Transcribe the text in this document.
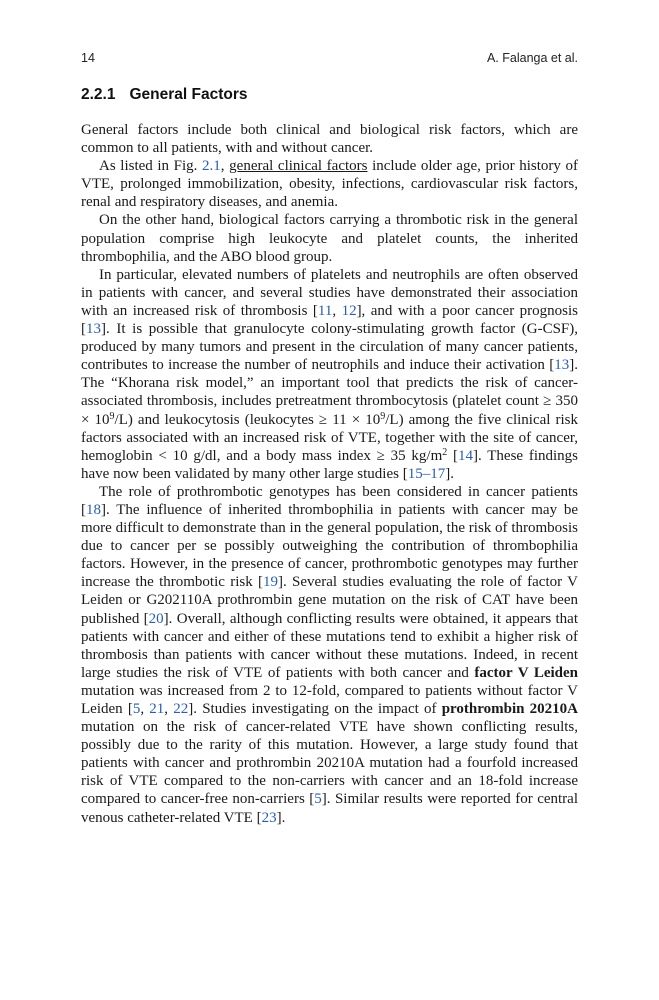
14	A. Falanga et al.
2.2.1 General Factors

General factors include both clinical and biological risk factors, which are common to all patients, with and without cancer.

As listed in Fig. 2.1, general clinical factors include older age, prior history of VTE, prolonged immobilization, obesity, infections, cardiovascular risk factors, renal and respiratory diseases, and anemia.

On the other hand, biological factors carrying a thrombotic risk in the general population comprise high leukocyte and platelet counts, the inherited thrombophilia, and the ABO blood group.

In particular, elevated numbers of platelets and neutrophils are often observed in patients with cancer, and several studies have demonstrated their association with an increased risk of thrombosis [11, 12], and with a poor cancer prognosis [13]. It is possible that granulocyte colony-stimulating growth factor (G-CSF), produced by many tumors and present in the circulation of many cancer patients, contributes to increase the number of neutrophils and induce their activation [13]. The “Khorana risk model,” an important tool that predicts the risk of cancer-associated thrombosis, includes pretreatment thrombocytosis (platelet count ≥ $350 \times 10^9/L$) and leukocytosis (leukocytes ≥ $11 \times 10^9/L$) among the five clinical risk factors associated with an increased risk of VTE, together with the site of cancer, hemoglobin < 10 g/dl, and a body mass index ≥ 35 $kg/m^2$ [14]. These findings have now been validated by many other large studies [15–17].

The role of prothrombotic genotypes has been considered in cancer patients [18]. The influence of inherited thrombophilia in patients with cancer may be more difficult to demonstrate than in the general population, the risk of thrombosis due to cancer per se possibly outweighing the contribution of thrombophilia factors. However, in the presence of cancer, prothrombotic genotypes may further increase the thrombotic risk [19]. Several studies evaluating the role of factor V Leiden or G202110A prothrombin gene mutation on the risk of CAT have been published [20]. Overall, although conflicting results were obtained, it appears that patients with cancer and either of these mutations tend to exhibit a higher risk of thrombosis than patients with cancer without these mutations. Indeed, in recent large studies the risk of VTE of patients with both cancer and factor V Leiden mutation was increased from 2 to 12-fold, compared to patients without factor V Leiden [5, 21, 22]. Studies investigating on the impact of prothrombin 20210A mutation on the risk of cancer-related VTE have shown conflicting results, possibly due to the rarity of this mutation. However, a large study found that patients with cancer and prothrombin 20210A mutation had a fourfold increased risk of VTE compared to the non-carriers with cancer and an 18-fold increase compared to cancer-free non-carriers [5]. Similar results were reported for central venous catheter-related VTE [23].
